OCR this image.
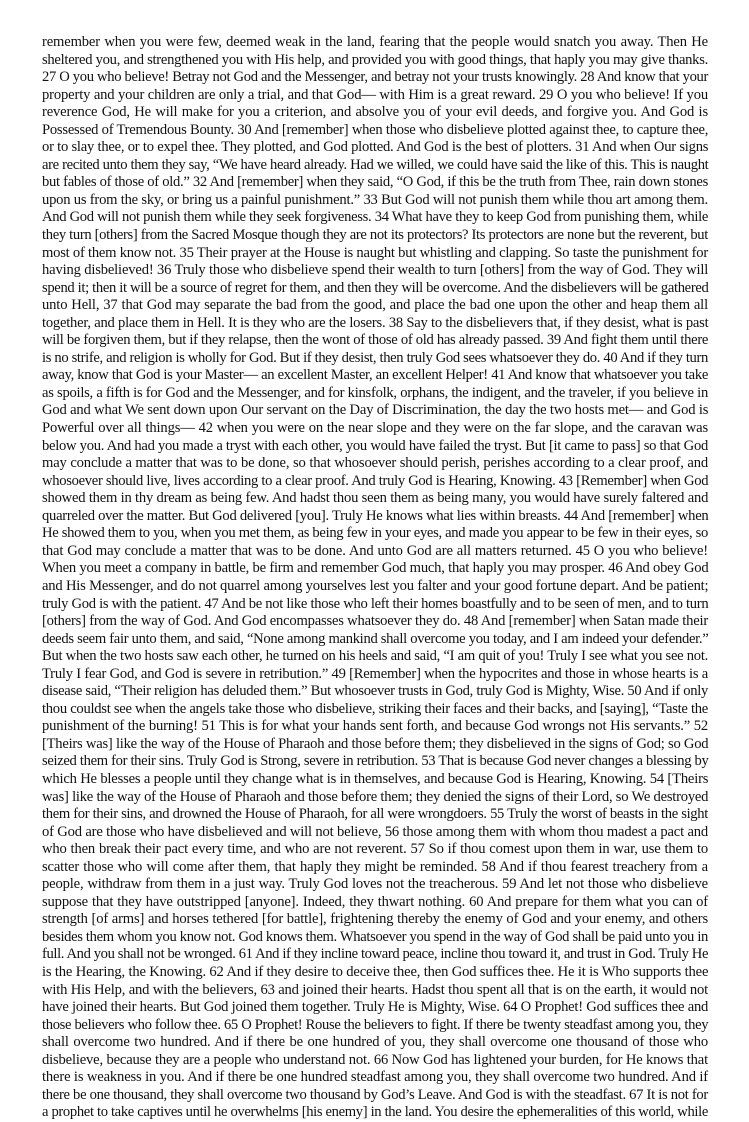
remember when you were few, deemed weak in the land, fearing that the people would snatch you away. Then He
sheltered you, and strengthened you with His help, and provided you with good things, that haply you may give thanks.
27 O you who believe! Betray not God and the Messenger, and betray not your trusts knowingly. 28 And know that your
property and your children are only a trial, and that God— with Him is a great reward. 29 O you who believe! If you
reverence God, He will make for you a criterion, and absolve you of your evil deeds, and forgive you. And God is
Possessed of Tremendous Bounty. 30 And [remember] when those who disbelieve plotted against thee, to capture thee,
or to slay thee, or to expel thee. They plotted, and God plotted. And God is the best of plotters. 31 And when Our signs
are recited unto them they say, “We have heard already. Had we willed, we could have said the like of this. This is naught
but fables of those of old.” 32 And [remember] when they said, “O God, if this be the truth from Thee, rain down stones
upon us from the sky, or bring us a painful punishment.” 33 But God will not punish them while thou art among them.
And God will not punish them while they seek forgiveness. 34 What have they to keep God from punishing them, while
they turn [others] from the Sacred Mosque though they are not its protectors? Its protectors are none but the reverent, but
most of them know not. 35 Their prayer at the House is naught but whistling and clapping. So taste the punishment for
having disbelieved! 36 Truly those who disbelieve spend their wealth to turn [others] from the way of God. They will
spend it; then it will be a source of regret for them, and then they will be overcome. And the disbelievers will be gathered
unto Hell, 37 that God may separate the bad from the good, and place the bad one upon the other and heap them all
together, and place them in Hell. It is they who are the losers. 38 Say to the disbelievers that, if they desist, what is past
will be forgiven them, but if they relapse, then the wont of those of old has already passed. 39 And fight them until there
is no strife, and religion is wholly for God. But if they desist, then truly God sees whatsoever they do. 40 And if they turn
away, know that God is your Master— an excellent Master, an excellent Helper! 41 And know that whatsoever you take
as spoils, a fifth is for God and the Messenger, and for kinsfolk, orphans, the indigent, and the traveler, if you believe in
God and what We sent down upon Our servant on the Day of Discrimination, the day the two hosts met— and God is
Powerful over all things— 42 when you were on the near slope and they were on the far slope, and the caravan was
below you. And had you made a tryst with each other, you would have failed the tryst. But [it came to pass] so that God
may conclude a matter that was to be done, so that whosoever should perish, perishes according to a clear proof, and
whosoever should live, lives according to a clear proof. And truly God is Hearing, Knowing. 43 [Remember] when God
showed them in thy dream as being few. And hadst thou seen them as being many, you would have surely faltered and
quarreled over the matter. But God delivered [you]. Truly He knows what lies within breasts. 44 And [remember] when
He showed them to you, when you met them, as being few in your eyes, and made you appear to be few in their eyes, so
that God may conclude a matter that was to be done. And unto God are all matters returned. 45 O you who believe!
When you meet a company in battle, be firm and remember God much, that haply you may prosper. 46 And obey God
and His Messenger, and do not quarrel among yourselves lest you falter and your good fortune depart. And be patient;
truly God is with the patient. 47 And be not like those who left their homes boastfully and to be seen of men, and to turn
[others] from the way of God. And God encompasses whatsoever they do. 48 And [remember] when Satan made their
deeds seem fair unto them, and said, “None among mankind shall overcome you today, and I am indeed your defender.”
But when the two hosts saw each other, he turned on his heels and said, “I am quit of you! Truly I see what you see not.
Truly I fear God, and God is severe in retribution.” 49 [Remember] when the hypocrites and those in whose hearts is a
disease said, “Their religion has deluded them.” But whosoever trusts in God, truly God is Mighty, Wise. 50 And if only
thou couldst see when the angels take those who disbelieve, striking their faces and their backs, and [saying], “Taste the
punishment of the burning! 51 This is for what your hands sent forth, and because God wrongs not His servants.” 52
[Theirs was] like the way of the House of Pharaoh and those before them; they disbelieved in the signs of God; so God
seized them for their sins. Truly God is Strong, severe in retribution. 53 That is because God never changes a blessing by
which He blesses a people until they change what is in themselves, and because God is Hearing, Knowing. 54 [Theirs
was] like the way of the House of Pharaoh and those before them; they denied the signs of their Lord, so We destroyed
them for their sins, and drowned the House of Pharaoh, for all were wrongdoers. 55 Truly the worst of beasts in the sight
of God are those who have disbelieved and will not believe, 56 those among them with whom thou madest a pact and
who then break their pact every time, and who are not reverent. 57 So if thou comest upon them in war, use them to
scatter those who will come after them, that haply they might be reminded. 58 And if thou fearest treachery from a
people, withdraw from them in a just way. Truly God loves not the treacherous. 59 And let not those who disbelieve
suppose that they have outstripped [anyone]. Indeed, they thwart nothing. 60 And prepare for them what you can of
strength [of arms] and horses tethered [for battle], frightening thereby the enemy of God and your enemy, and others
besides them whom you know not. God knows them. Whatsoever you spend in the way of God shall be paid unto you in
full. And you shall not be wronged. 61 And if they incline toward peace, incline thou toward it, and trust in God. Truly He
is the Hearing, the Knowing. 62 And if they desire to deceive thee, then God suffices thee. He it is Who supports thee
with His Help, and with the believers, 63 and joined their hearts. Hadst thou spent all that is on the earth, it would not
have joined their hearts. But God joined them together. Truly He is Mighty, Wise. 64 O Prophet! God suffices thee and
those believers who follow thee. 65 O Prophet! Rouse the believers to fight. If there be twenty steadfast among you, they
shall overcome two hundred. And if there be one hundred of you, they shall overcome one thousand of those who
disbelieve, because they are a people who understand not. 66 Now God has lightened your burden, for He knows that
there is weakness in you. And if there be one hundred steadfast among you, they shall overcome two hundred. And if
there be one thousand, they shall overcome two thousand by God’s Leave. And God is with the steadfast. 67 It is not for
a prophet to take captives until he overwhelms [his enemy] in the land. You desire the ephemeralities of this world, while
